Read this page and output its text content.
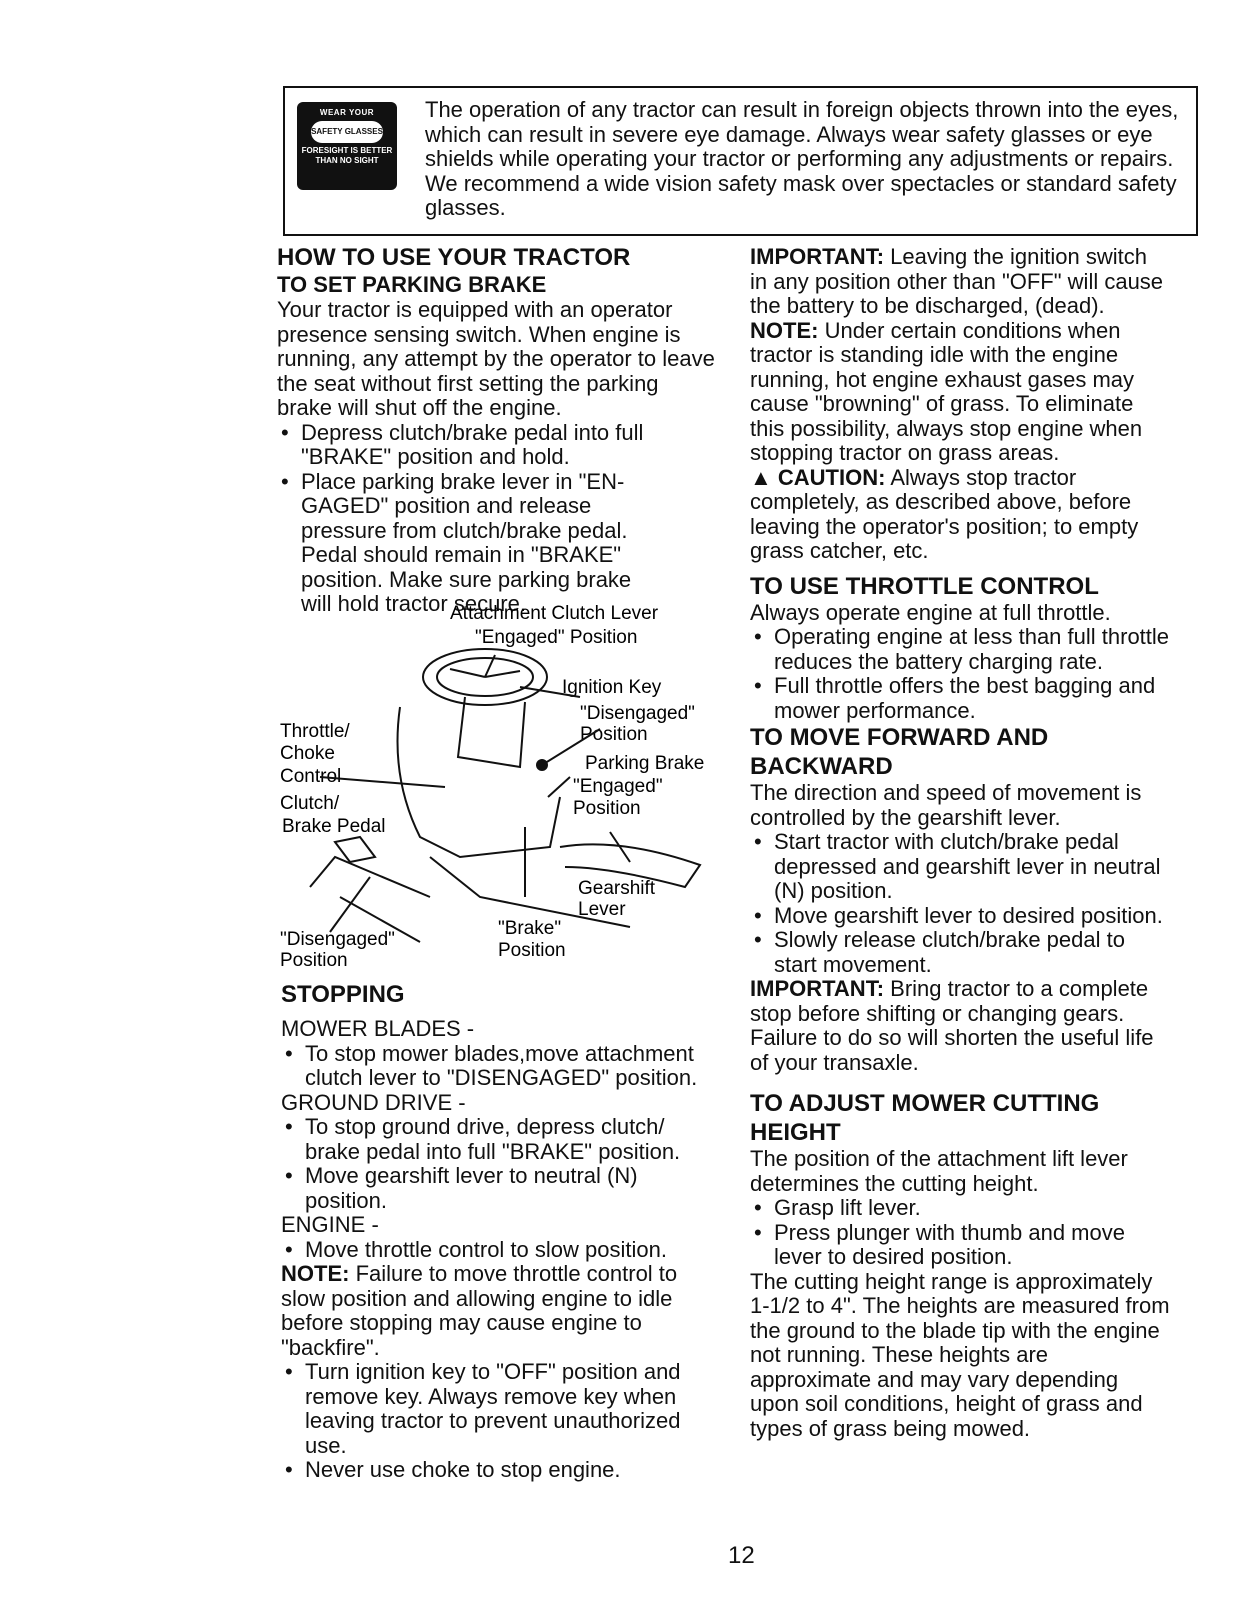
WEAR YOUR
SAFETY GLASSES
FORESIGHT IS BETTER
THAN NO SIGHT
The operation of any tractor can result in foreign objects thrown into the eyes, which can result in severe eye damage. Always wear safety glasses or eye shields while operating your tractor or performing any adjustments or repairs. We recommend a wide vision safety mask over spectacles or standard safety glasses.

HOW TO USE YOUR TRACTOR

TO SET PARKING BRAKE

Your tractor is equipped with an operator presence sensing switch. When engine is running, any attempt by the operator to leave the seat without first setting the parking brake will shut off the engine.

• Depress clutch/brake pedal into full "BRAKE" position and hold.

• Place parking brake lever in "EN-GAGED" position and release pressure from clutch/brake pedal. Pedal should remain in "BRAKE" position. Make sure parking brake will hold tractor secure.

Attachment Clutch Lever
"Engaged" Position
Ignition Key
"Disengaged"
Position
Throttle/
Choke
Control
Clutch/
Brake Pedal
Parking Brake
"Engaged"
Position
Gearshift
Lever
"Brake"
Position
"Disengaged"
Position

STOPPING

MOWER BLADES -

• To stop mower blades,move attachment clutch lever to "DISENGAGED" position.

GROUND DRIVE -

• To stop ground drive, depress clutch/ brake pedal into full "BRAKE" position.

• Move gearshift lever to neutral (N) position.

ENGINE -

• Move throttle control to slow position.

NOTE: Failure to move throttle control to slow position and allowing engine to idle before stopping may cause engine to "backfire".

• Turn ignition key to "OFF" position and remove key. Always remove key when leaving tractor to prevent unauthorized use.

• Never use choke to stop engine.

IMPORTANT: Leaving the ignition switch in any position other than "OFF" will cause the battery to be discharged, (dead).

NOTE: Under certain conditions when tractor is standing idle with the engine running, hot engine exhaust gases may cause "browning" of grass. To eliminate this possibility, always stop engine when stopping tractor on grass areas.

▲ CAUTION: Always stop tractor completely, as described above, before leaving the operator's position; to empty grass catcher, etc.

TO USE THROTTLE CONTROL

Always operate engine at full throttle.

• Operating engine at less than full throttle reduces the battery charging rate.

• Full throttle offers the best bagging and mower performance.

TO MOVE FORWARD AND

BACKWARD

The direction and speed of movement is controlled by the gearshift lever.

• Start tractor with clutch/brake pedal depressed and gearshift lever in neutral (N) position.

• Move gearshift lever to desired position.

• Slowly release clutch/brake pedal to start movement.

IMPORTANT: Bring tractor to a complete stop before shifting or changing gears. Failure to do so will shorten the useful life of your transaxle.

TO ADJUST MOWER CUTTING

HEIGHT

The position of the attachment lift lever determines the cutting height.

• Grasp lift lever.

• Press plunger with thumb and move lever to desired position.

The cutting height range is approximately 1-1/2 to 4". The heights are measured from the ground to the blade tip with the engine not running. These heights are approximate and may vary depending upon soil conditions, height of grass and types of grass being mowed.

12
